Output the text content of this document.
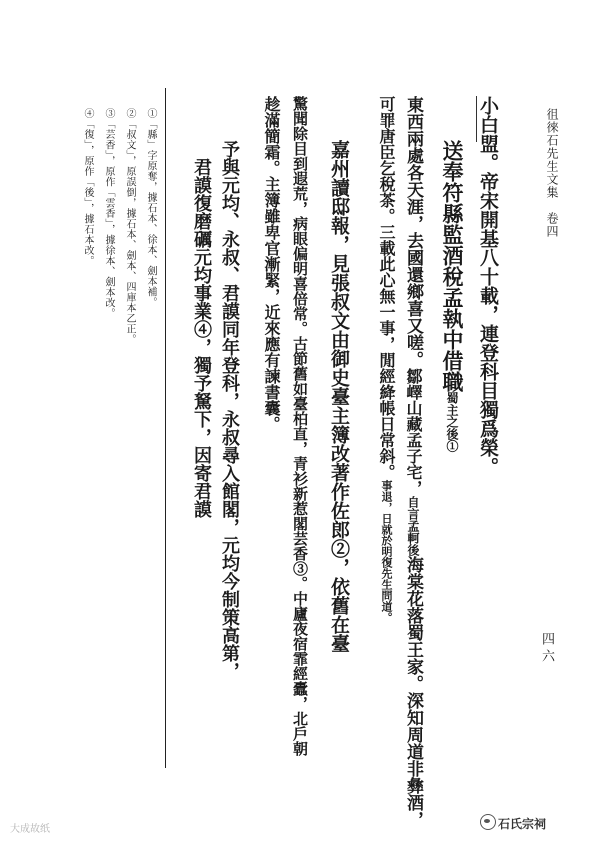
徂徠石先生文集　卷四
小白盟。帝宋開基八十載，連登科目獨爲榮。
送奉符縣監酒稅孟執中借職蜀主之後①
東西兩處各天涯，去國還鄉喜又嗟。鄒嶧山藏孟子宅，自言孟軻後海棠花落蜀王家。深知周道非彝酒，
可罪唐臣乞稅茶。三載此心無一事，閒經絳帳日常斜。事退，日就於明復先生問道。
嘉州讀邸報，見張叔文由御史臺主簿改著作佐郎②，依舊在臺
驚聞除目到遐荒，病眼偏明喜倍常。古節舊如臺柏直，青衫新惹閣芸香③。中廬夜宿霏經蠹，北戶朝
趁滿簡霜。主簿雖卑官漸緊，近來應有諫書囊。
予與元均、永叔、君謨同年登科，永叔尋入館閣，元均今制策高第，
君謨復磨礪元均事業④，獨予駑下，因寄君謨
①「縣」字原奪，據石本、徐本、劍本補。
②「叔文」，原誤倒，據石本、劍本、四庫本乙正。
③「芸香」，原作「雲香」，據徐本、劍本改。
④「復」，原作「後」，據石本改。
四六
大成故纸	石氏宗祠
